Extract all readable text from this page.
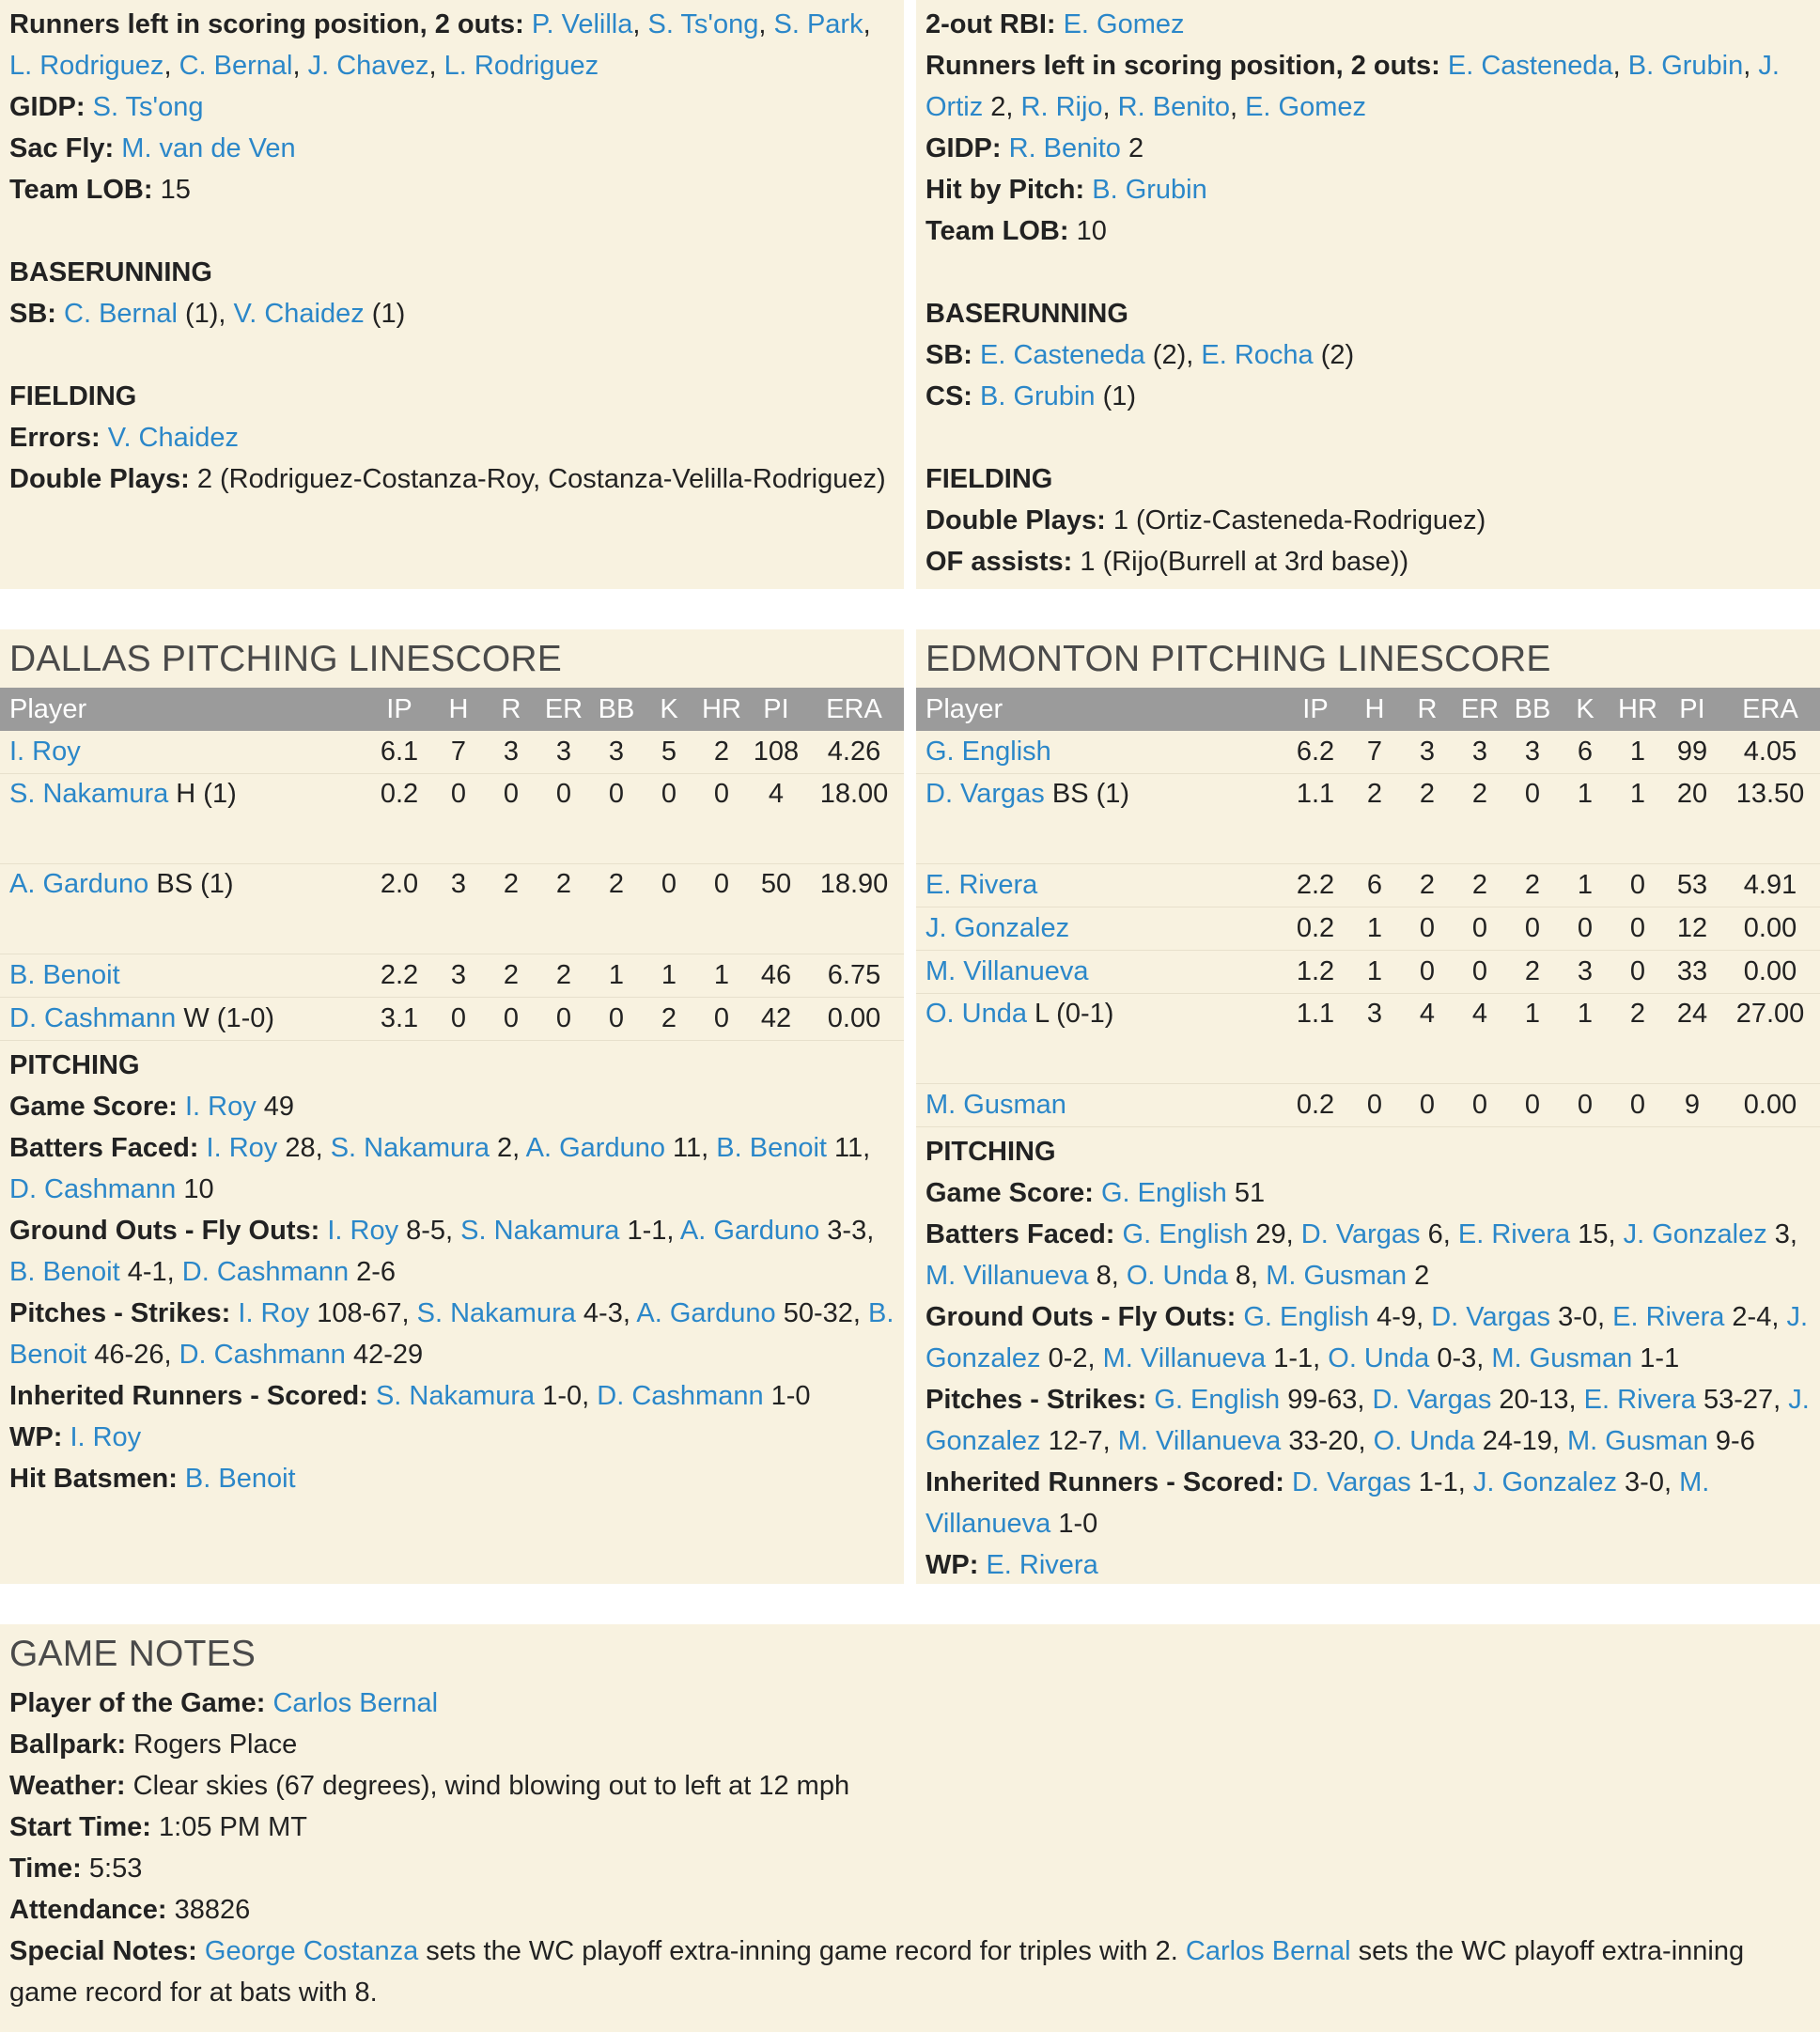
Runners left in scoring position, 2 outs: P. Velilla, S. Ts'ong, S. Park, L. Rodriguez, C. Bernal, J. Chavez, L. Rodriguez
GIDP: S. Ts'ong
Sac Fly: M. van de Ven
Team LOB: 15
BASERUNNING
SB: C. Bernal (1), V. Chaidez (1)
FIELDING
Errors: V. Chaidez
Double Plays: 2 (Rodriguez-Costanza-Roy, Costanza-Velilla-Rodriguez)
2-out RBI: E. Gomez
Runners left in scoring position, 2 outs: E. Casteneda, B. Grubin, J. Ortiz 2, R. Rijo, R. Benito, E. Gomez
GIDP: R. Benito 2
Hit by Pitch: B. Grubin
Team LOB: 10
BASERUNNING
SB: E. Casteneda (2), E. Rocha (2)
CS: B. Grubin (1)
FIELDING
Double Plays: 1 (Ortiz-Casteneda-Rodriguez)
OF assists: 1 (Rijo(Burrell at 3rd base))
DALLAS PITCHING LINESCORE
Player	IP	H	R	ER	BB	K	HR	PI	ERA
I. Roy	6.1	7	3	3	3	5	2	108	4.26
S. Nakamura H (1)	0.2	0	0	0	0	0	0	4	18.00
A. Garduno BS (1)	2.0	3	2	2	2	0	0	50	18.90
B. Benoit	2.2	3	2	2	1	1	1	46	6.75
D. Cashmann W (1-0)	3.1	0	0	0	0	2	0	42	0.00
PITCHING
Game Score: I. Roy 49
Batters Faced: I. Roy 28, S. Nakamura 2, A. Garduno 11, B. Benoit 11, D. Cashmann 10
Ground Outs - Fly Outs: I. Roy 8-5, S. Nakamura 1-1, A. Garduno 3-3, B. Benoit 4-1, D. Cashmann 2-6
Pitches - Strikes: I. Roy 108-67, S. Nakamura 4-3, A. Garduno 50-32, B. Benoit 46-26, D. Cashmann 42-29
Inherited Runners - Scored: S. Nakamura 1-0, D. Cashmann 1-0
WP: I. Roy
Hit Batsmen: B. Benoit
EDMONTON PITCHING LINESCORE
Player	IP	H	R	ER	BB	K	HR	PI	ERA
G. English	6.2	7	3	3	3	6	1	99	4.05
D. Vargas BS (1)	1.1	2	2	2	0	1	1	20	13.50
E. Rivera	2.2	6	2	2	2	1	0	53	4.91
J. Gonzalez	0.2	1	0	0	0	0	0	12	0.00
M. Villanueva	1.2	1	0	0	2	3	0	33	0.00
O. Unda L (0-1)	1.1	3	4	4	1	1	2	24	27.00
M. Gusman	0.2	0	0	0	0	0	0	9	0.00
PITCHING
Game Score: G. English 51
Batters Faced: G. English 29, D. Vargas 6, E. Rivera 15, J. Gonzalez 3, M. Villanueva 8, O. Unda 8, M. Gusman 2
Ground Outs - Fly Outs: G. English 4-9, D. Vargas 3-0, E. Rivera 2-4, J. Gonzalez 0-2, M. Villanueva 1-1, O. Unda 0-3, M. Gusman 1-1
Pitches - Strikes: G. English 99-63, D. Vargas 20-13, E. Rivera 53-27, J. Gonzalez 12-7, M. Villanueva 33-20, O. Unda 24-19, M. Gusman 9-6
Inherited Runners - Scored: D. Vargas 1-1, J. Gonzalez 3-0, M. Villanueva 1-0
WP: E. Rivera
GAME NOTES
Player of the Game: Carlos Bernal
Ballpark: Rogers Place
Weather: Clear skies (67 degrees), wind blowing out to left at 12 mph
Start Time: 1:05 PM MT
Time: 5:53
Attendance: 38826
Special Notes: George Costanza sets the WC playoff extra-inning game record for triples with 2. Carlos Bernal sets the WC playoff extra-inning game record for at bats with 8.
